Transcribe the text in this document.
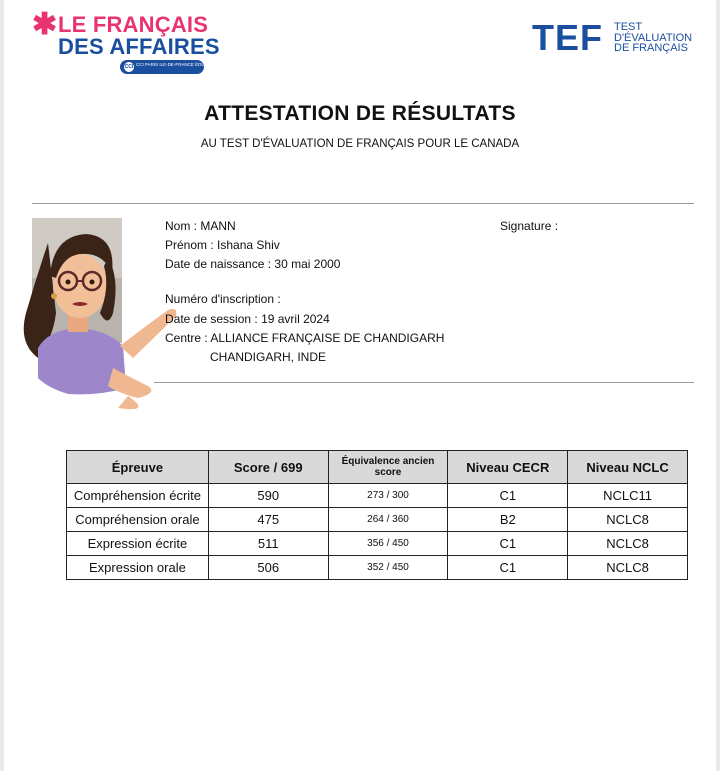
✱ LE FRANÇAIS
DES AFFAIRES
CCI CCI PARIS ILE-DE-FRANCE ÉDUCATION
TEF TEST
D'ÉVALUATION
DE FRANÇAIS
ATTESTATION DE RÉSULTATS
AU TEST D'ÉVALUATION DE FRANÇAIS POUR LE CANADA
Nom : MANN
Prénom : Ishana Shiv
Date de naissance : 30 mai 2000
Numéro d'inscription :
Date de session : 19 avril 2024
Centre : ALLIANCE FRANÇAISE DE CHANDIGARH
CHANDIGARH, INDE
Signature :
Épreuve	Score / 699	Équivalence ancien score	Niveau CECR	Niveau NCLC
Compréhension écrite	590	273 / 300	C1	NCLC11
Compréhension orale	475	264 / 360	B2	NCLC8
Expression écrite	511	356 / 450	C1	NCLC8
Expression orale	506	352 / 450	C1	NCLC8
